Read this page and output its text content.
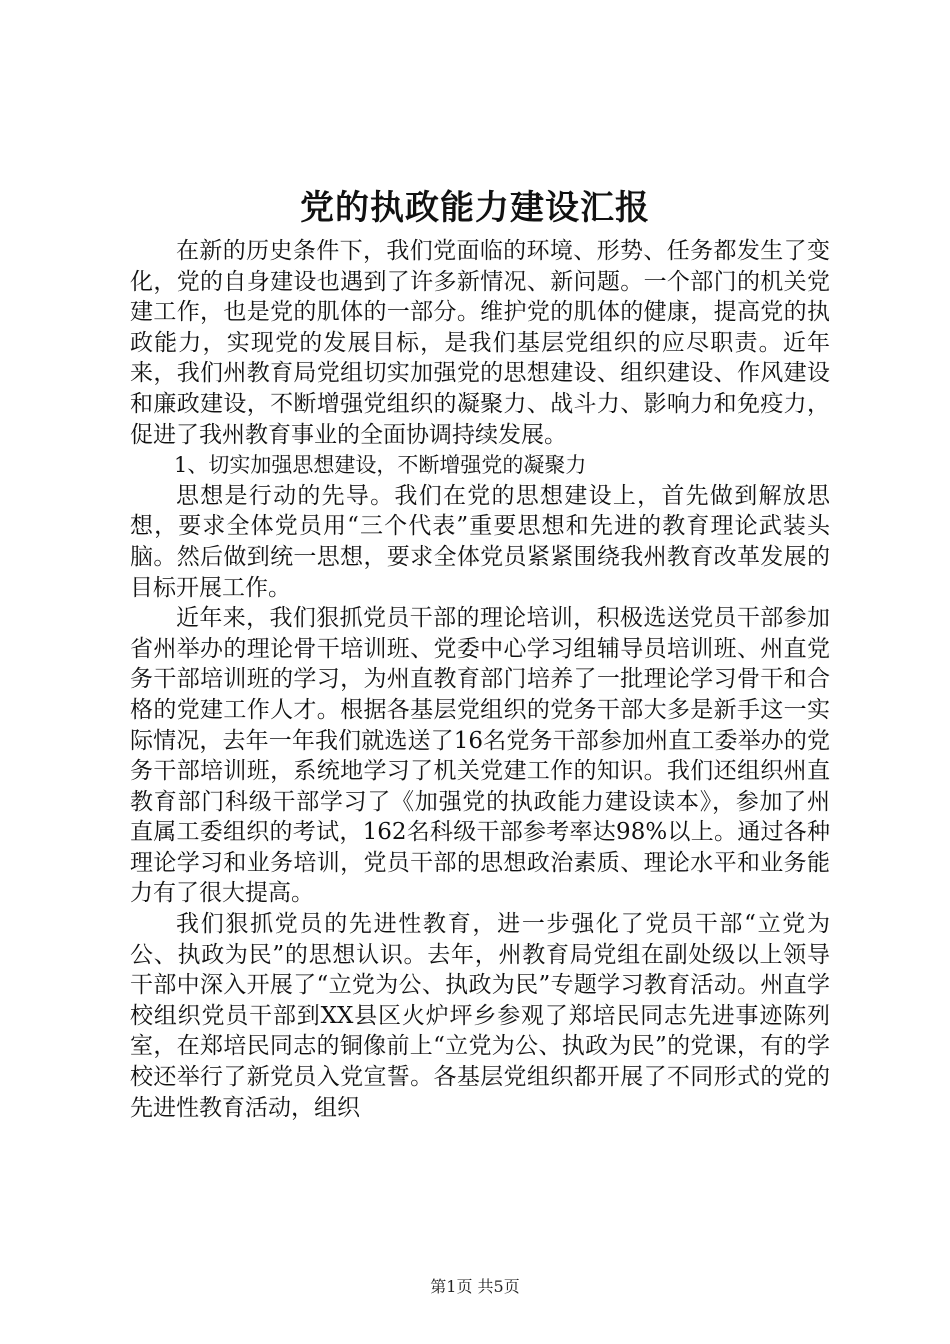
党的执政能力建设汇报

在新的历史条件下，我们党面临的环境、形势、任务都发生了变化，党的自身建设也遇到了许多新情况、新问题。一个部门的机关党建工作，也是党的肌体的一部分。维护党的肌体的健康，提高党的执政能力，实现党的发展目标，是我们基层党组织的应尽职责。近年来，我们州教育局党组切实加强党的思想建设、组织建设、作风建设和廉政建设，不断增强党组织的凝聚力、战斗力、影响力和免疫力，促进了我州教育事业的全面协调持续发展。

1、切实加强思想建设，不断增强党的凝聚力

思想是行动的先导。我们在党的思想建设上，首先做到解放思想，要求全体党员用“三个代表”重要思想和先进的教育理论武装头脑。然后做到统一思想，要求全体党员紧紧围绕我州教育改革发展的目标开展工作。

近年来，我们狠抓党员干部的理论培训，积极选送党员干部参加省州举办的理论骨干培训班、党委中心学习组辅导员培训班、州直党务干部培训班的学习，为州直教育部门培养了一批理论学习骨干和合格的党建工作人才。根据各基层党组织的党务干部大多是新手这一实际情况，去年一年我们就选送了16名党务干部参加州直工委举办的党务干部培训班，系统地学习了机关党建工作的知识。我们还组织州直教育部门科级干部学习了《加强党的执政能力建设读本》，参加了州直属工委组织的考试，162名科级干部参考率达98%以上。通过各种理论学习和业务培训，党员干部的思想政治素质、理论水平和业务能力有了很大提高。

我们狠抓党员的先进性教育，进一步强化了党员干部“立党为公、执政为民”的思想认识。去年，州教育局党组在副处级以上领导干部中深入开展了“立党为公、执政为民”专题学习教育活动。州直学校组织党员干部到XX县区火炉坪乡参观了郑培民同志先进事迹陈列室，在郑培民同志的铜像前上“立党为公、执政为民”的党课，有的学校还举行了新党员入党宣誓。各基层党组织都开展了不同形式的党的先进性教育活动，组织

第1页 共5页
